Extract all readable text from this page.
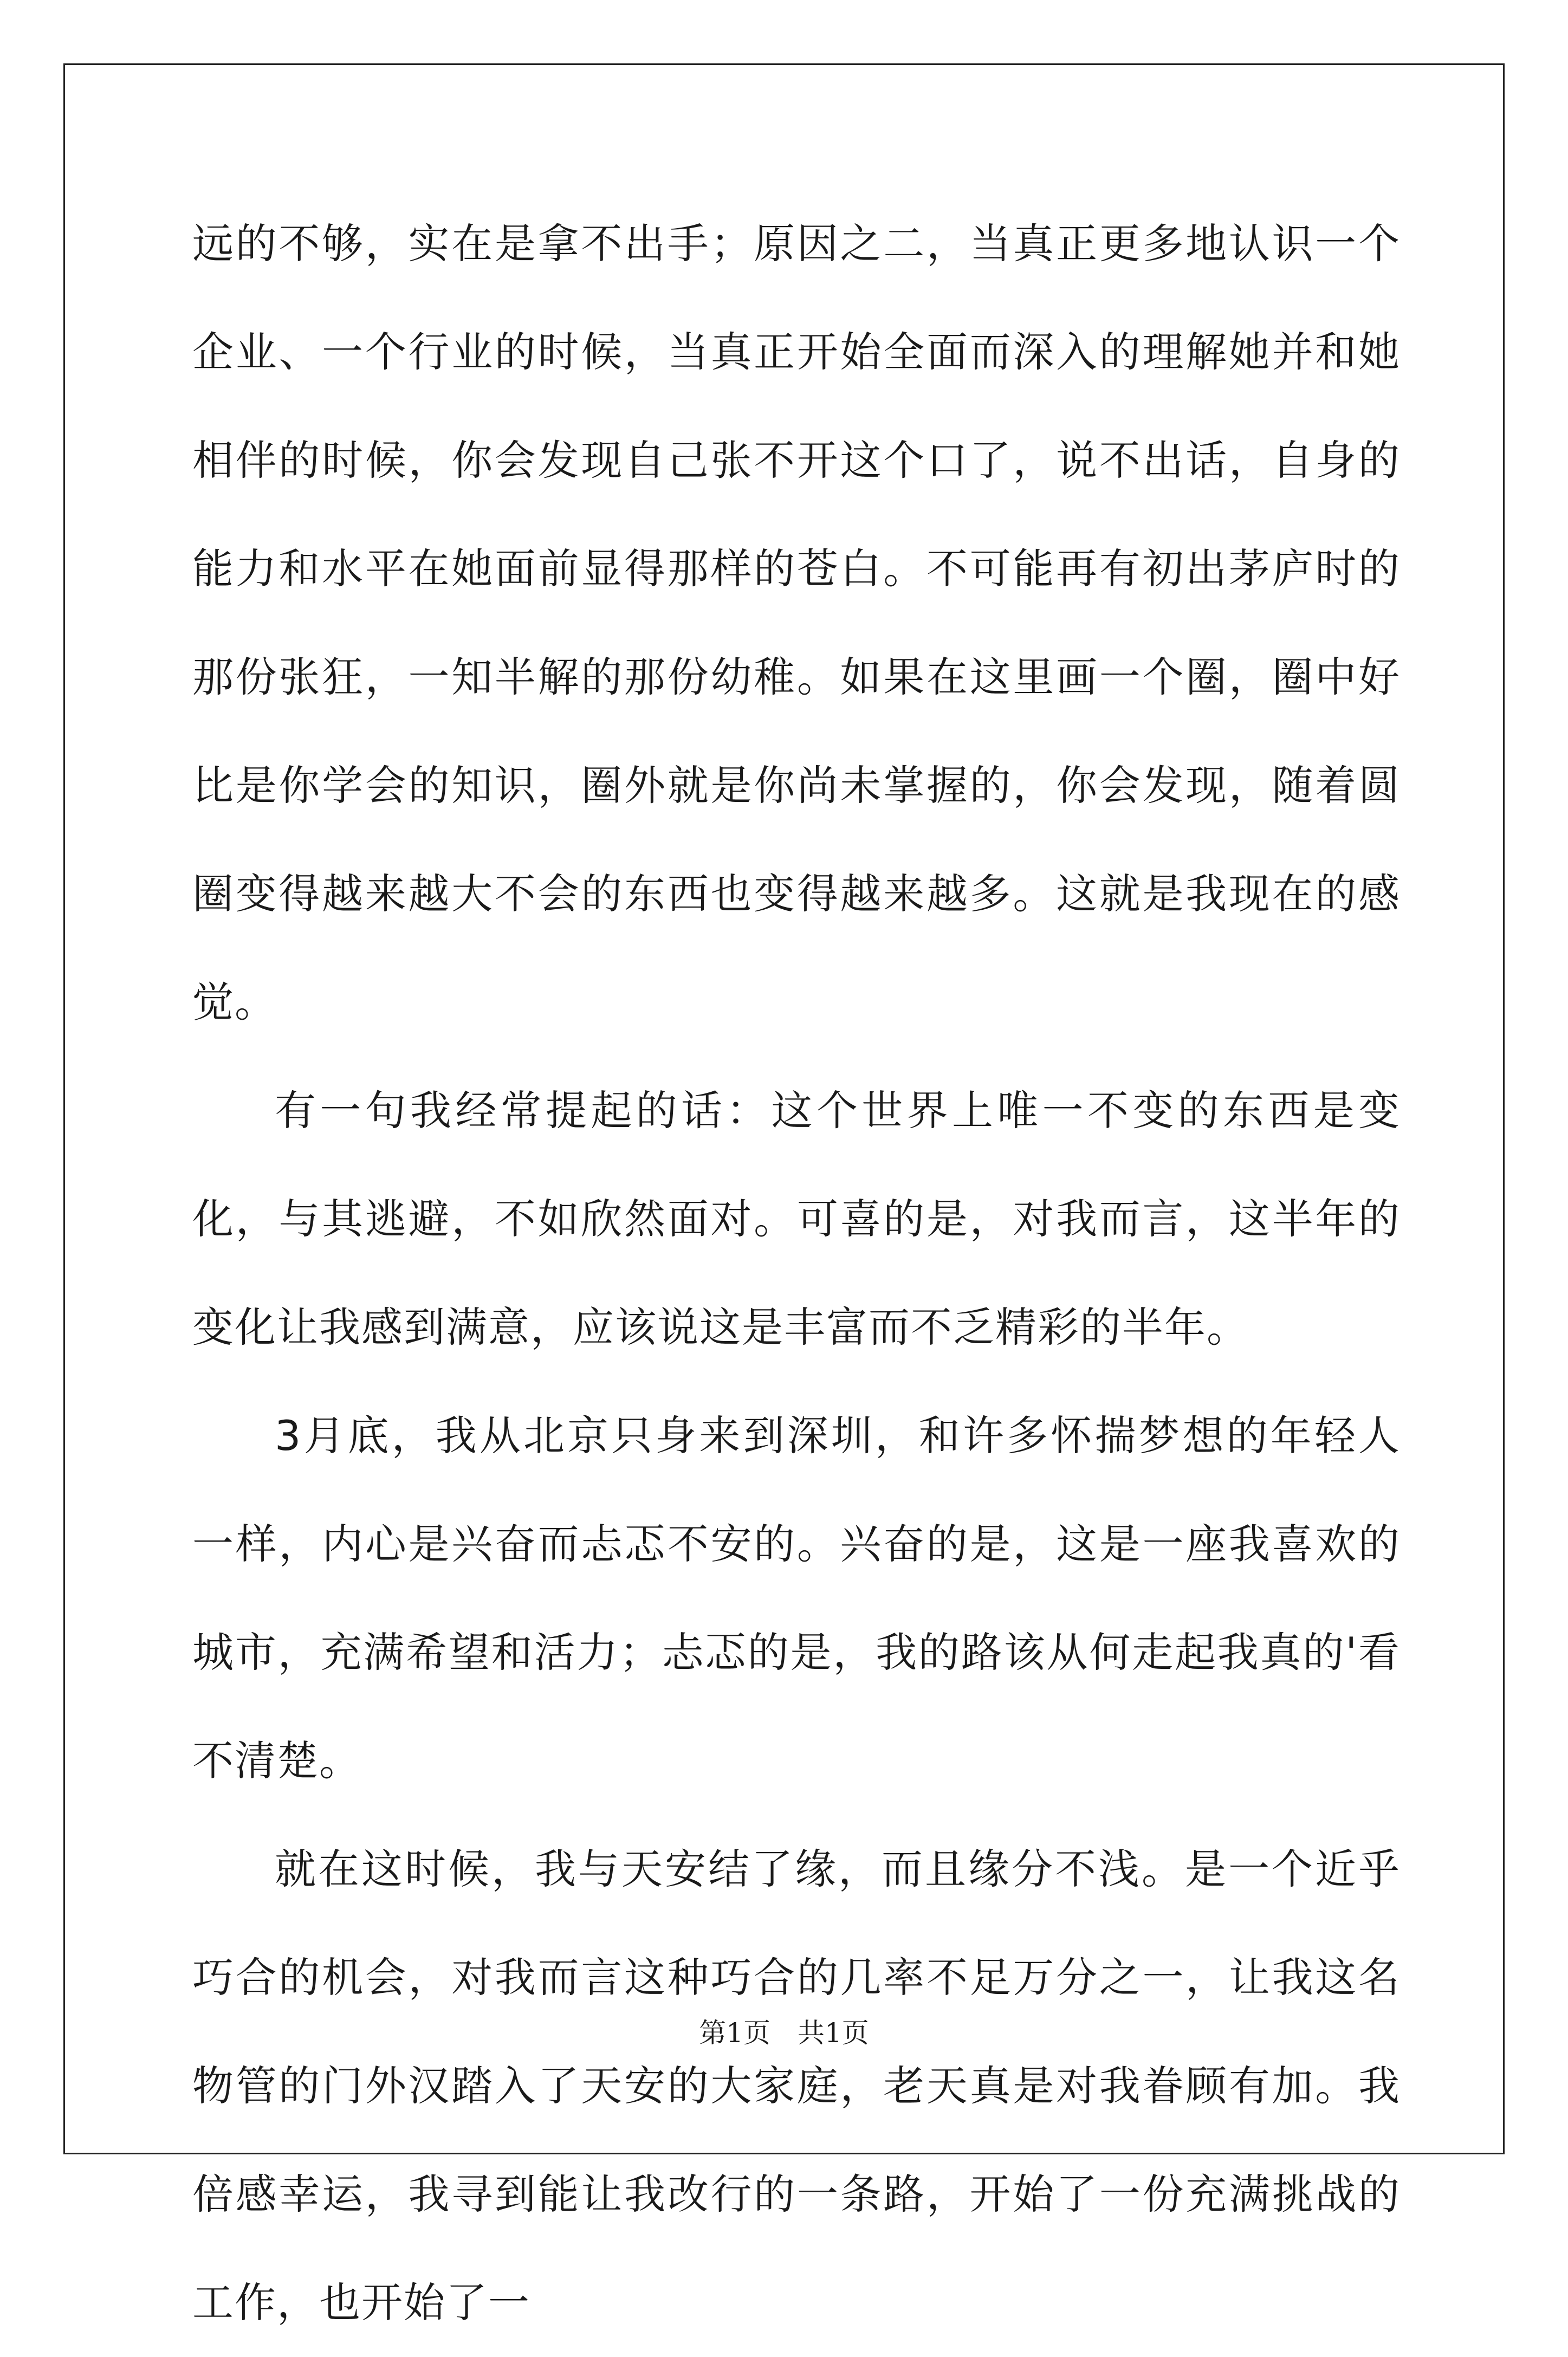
远的不够，实在是拿不出手；原因之二，当真正更多地认识一个企业、一个行业的时候，当真正开始全面而深入的理解她并和她相伴的时候，你会发现自己张不开这个口了，说不出话，自身的能力和水平在她面前显得那样的苍白。不可能再有初出茅庐时的那份张狂，一知半解的那份幼稚。如果在这里画一个圈，圈中好比是你学会的知识，圈外就是你尚未掌握的，你会发现，随着圆圈变得越来越大不会的东西也变得越来越多。这就是我现在的感觉。

有一句我经常提起的话：这个世界上唯一不变的东西是变化，与其逃避，不如欣然面对。可喜的是，对我而言，这半年的变化让我感到满意，应该说这是丰富而不乏精彩的半年。

3月底，我从北京只身来到深圳，和许多怀揣梦想的年轻人一样，内心是兴奋而忐忑不安的。兴奋的是，这是一座我喜欢的城市，充满希望和活力；忐忑的是，我的路该从何走起我真的'看不清楚。

就在这时候，我与天安结了缘，而且缘分不浅。是一个近乎巧合的机会，对我而言这种巧合的几率不足万分之一，让我这名物管的门外汉踏入了天安的大家庭，老天真是对我眷顾有加。我倍感幸运，我寻到能让我改行的一条路，开始了一份充满挑战的工作，也开始了一

第1页　共1页
